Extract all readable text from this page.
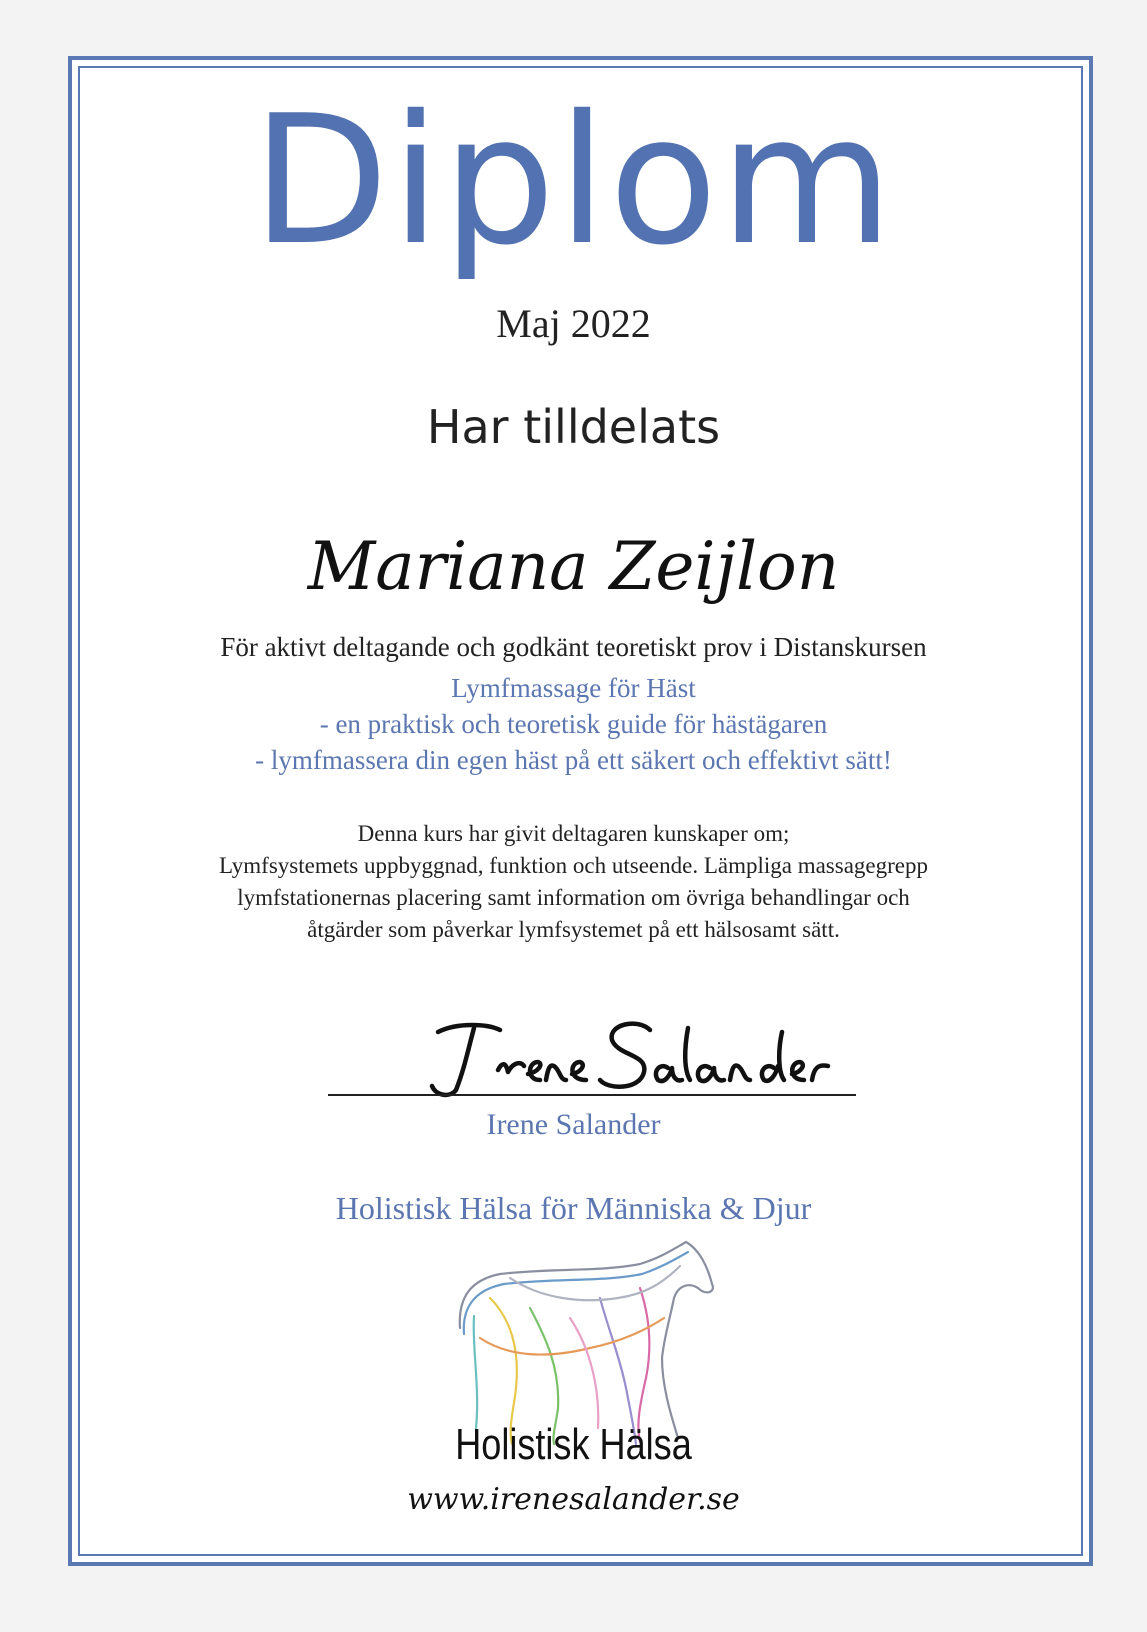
Diplom
Maj 2022
Har tilldelats
Mariana Zeijlon
För aktivt deltagande och godkänt teoretiskt prov i Distanskursen
Lymfmassage för Häst
- en praktisk och teoretisk guide för hästägaren
- lymfmassera din egen häst på ett säkert och effektivt sätt!
Denna kurs har givit deltagaren kunskaper om;
Lymfsystemets uppbyggnad, funktion och utseende. Lämpliga massagegrepp
lymfstationernas placering samt information om övriga behandlingar och
åtgärder som påverkar lymfsystemet på ett hälsosamt sätt.
Irene Salander
Holistisk Hälsa för Människa & Djur
Holistisk Hälsa
www.irenesalander.se
